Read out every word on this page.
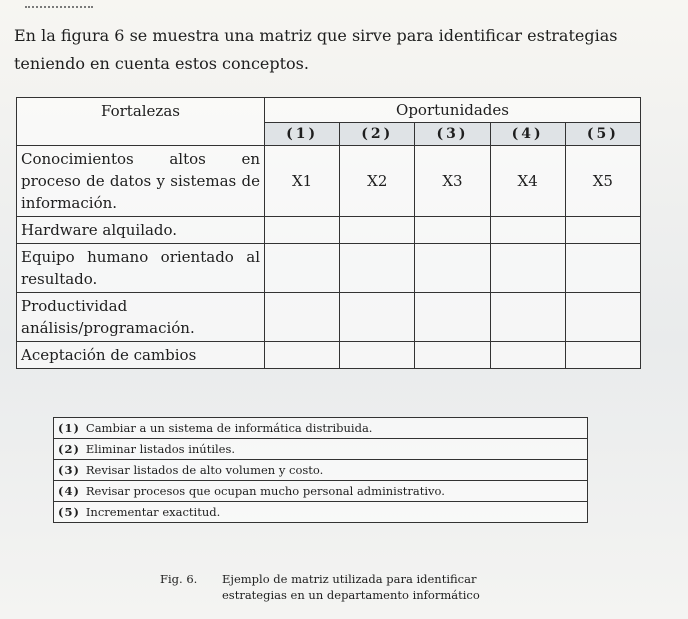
En la figura 6 se muestra una matriz que sirve para identificar estrategias teniendo en cuenta estos conceptos.

Fortalezas	Oportunidades				
	(1)	(2)	(3)	(4)	(5)
Conocimientos altos en proceso de datos y sistemas de información.	X1	X2	X3	X4	X5
Hardware alquilado.					
Equipo humano orientado al resultado.					
Productividad análisis/programación.					
Aceptación de cambios					
(1) Cambiar a un sistema de informática distribuida.
(2) Eliminar listados inútiles.
(3) Revisar listados de alto volumen y costo.
(4) Revisar procesos que ocupan mucho personal administrativo.
(5) Incrementar exactitud.
Fig. 6. Ejemplo de matriz utilizada para identificar
estrategias en un departamento informático
